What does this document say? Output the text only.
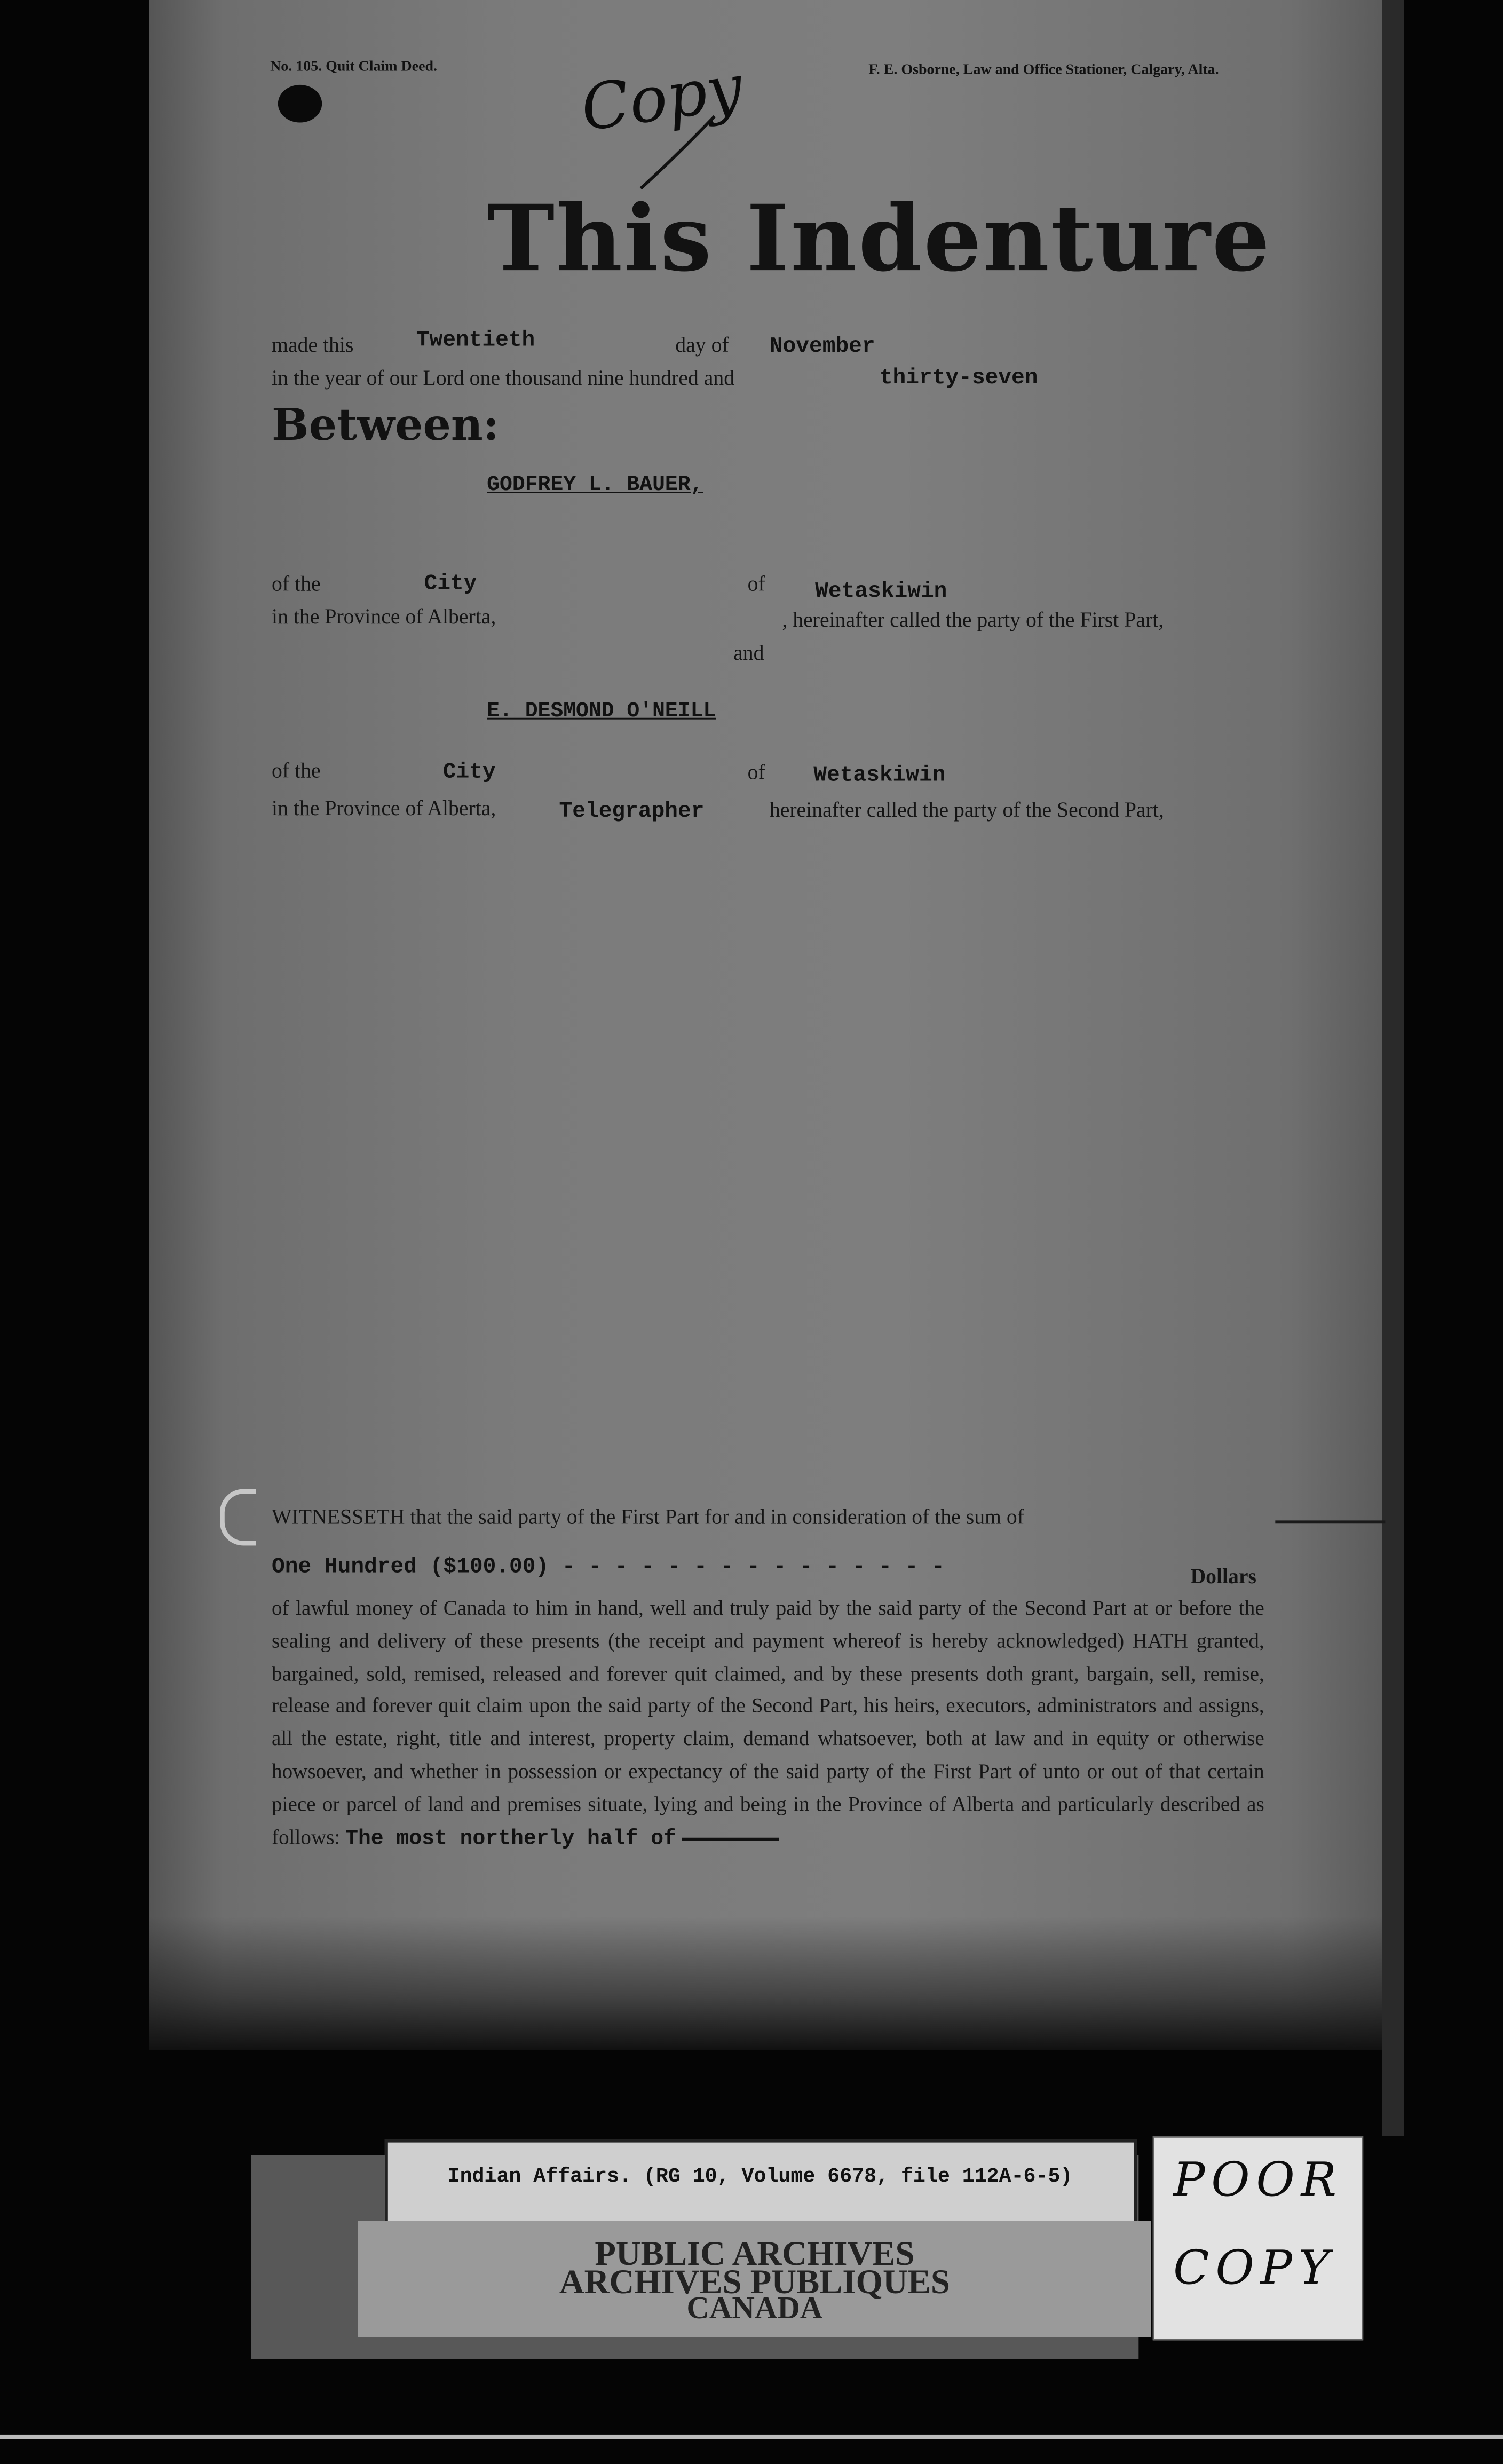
No. 105. Quit Claim Deed.	F. E. Osborne, Law and Office Stationer, Calgary, Alta.
Copy
This Indenture
made this	Twentieth	day of	November
in the year of our Lord one thousand nine hundred and	thirty-seven
Between:
GODFREY L. BAUER,
of the	City	of	Wetaskiwin
in the Province of Alberta,	, hereinafter called the party of the First Part,
and
E. DESMOND O'NEILL
of the	City	of	Wetaskiwin
in the Province of Alberta,	Telegrapher	hereinafter called the party of the Second Part,
WITNESSETH that the said party of the First Part for and in consideration of the sum of
One Hundred ($100.00) - - - - - - - - - - - - - - -	Dollars
of lawful money of Canada to him in hand, well and truly paid by the said party of the Second Part at or before the sealing and delivery of these presents (the receipt and payment whereof is hereby acknowledged) HATH granted, bargained, sold, remised, released and forever quit claimed, and by these presents doth grant, bargain, sell, remise, release and forever quit claim upon the said party of the Second Part, his heirs, executors, administrators and assigns, all the estate, right, title and interest, property claim, demand whatsoever, both at law and in equity or otherwise howsoever, and whether in possession or expectancy of the said party of the First Part of unto or out of that certain piece or parcel of land and premises situate, lying and being in the Province of Alberta and particularly described as follows: The most northerly half of
Indian Affairs. (RG 10, Volume 6678, file 112A-6-5)
PUBLIC ARCHIVES
ARCHIVES PUBLIQUES
CANADA
POOR
COPY
